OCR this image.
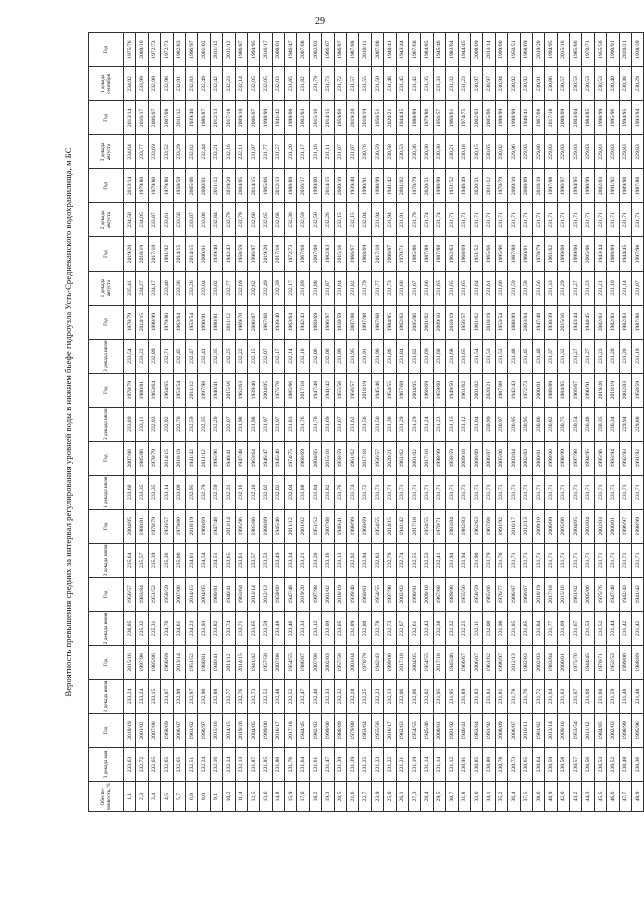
29
Вероятность превышения средних за интервал регулирования уровней воды в нижнем бьефе гидроузла Усть-Среднеканского водохранилища, м БС
Обеспе-ченность, %	3 декада мая	Год	1 декада июня	Год	2 декада июня	Год	3 декада июня	Год	1 декада июля	Год	2 декада июля	Год	3 декада июля	Год	1 декада августа	Год	2 декада августа	Год	3 декада августа	Год	1 декада сентября	Год
1,1	233,63	2018/19	233,24	2015/16	236,85	1956/57	235,64	2004/05	233,60	2007/08	233,89	1978/79	233,54	1978/79	235,41	2019/20	234,50	2013/14	234,64	2013/14	234,92	1975/76
2,3	232,72	2001/02	233,24	1997/98	235,32	1983/84	235,57	1980/81	233,35	1985/86	233,11	1980/81	233,22	2014/15	234,27	2018/19	234,05	1979/80	233,77	2016/17	233,99	2009/10
3,4	232,65	2007/08	233,15	1985/86	235,31	1951/52	235,39	1978/79	233,35	1978/79	232,93	1963/64	232,89	1998/99	234,17	2017/18	233,87	1979/80	233,69	2006/07	232,99	1972/73
4,5	232,65	1968/69	233,07	1968/69	234,70	1958/59	235,36	1956/57	233,14	2014/15	232,92	1964/65	232,71	1979/80	233,40	1991/92	233,61	1979/80	233,52	2007/08	232,98	1972/73
5,7	232,65	2006/07	232,99	2013/14	234,61	2007/08	235,00	1979/80	233,09	2018/19	232,70	1953/54	232,45	1963/64	233,36	2014/15	233,50	1958/59	233,29	2011/12	232,91	1982/83
6,8	232,51	1961/62	232,97	1951/52	234,23	2014/15	234,61	2018/19	232,95	1941/42	232,59	2011/12	232,47	1953/54	233,26	2014/15	233,07	2005/06	232,62	1939/40	232,83	1996/97
8,0	232,24	1996/97	232,90	1980/81	233,93	2004/05	234,54	1968/69	232,79	2011/12	232,35	1997/98	232,41	1990/91	233,04	2000/01	233,00	2000/01	232,44	1986/87	232,49	2001/02
9,1	232,16	2015/16	232,88	1940/41	233,82	1980/81	234,51	1947/48	232,59	1995/96	232,20	1940/41	232,35	1980/81	233,02	1939/40	232,84	2011/12	232,21	2012/13	232,42	2011/12
10,2	232,14	2014/15	232,77	2011/12	233,74	1940/41	233,65	2013/14	232,31	1940/41	232,07	2015/16	232,25	2011/12	232,77	1942/43	232,79	2019/20	232,16	2017/18	232,23	2011/12
11,4	232,13	2019/20	232,76	2014/15	233,71	1963/64	233,61	1995/96	232,16	1947/48	231,98	1962/63	232,22	1969/70	232,69	1958/59	232,79	2004/05	232,11	2009/10	232,14	1986/87
12,5	231,87	2004/05	232,73	1941/42	233,65	2013/14	233,57	1985/86	232,10	1963/64	231,98	1939/40	232,15	2006/07	232,62	1996/97	232,60	2014/15	231,97	2006/07	232,05	1994/95
13,6	231,85	1999/00	232,52	1957/58	233,59	2012/13	233,53	1988/89	232,02	1946/47	231,97	2004/05	232,07	1967/68	232,49	2019/20	232,65	1965/66	231,77	1998/99	232,05	2016/17
14,8	231,80	2016/17	232,48	2007/08	233,48	1959/60	233,49	1945/46	232,02	1945/46	231,97	1975/76	232,17	1939/40	232,39	2017/18	232,68	2012/13	231,27	1941/42	232,03	2000/01
15,9	231,76	2017/18	232,52	1954/55	233,46	1947/48	233,34	2011/12	232,04	1974/75	231,83	1985/86	232,14	1963/64	232,17	1972/73	232,30	1988/89	231,20	1999/00	231,85	1946/47
17,0	231,64	1944/45	232,47	1986/87	233,33	2019/20	233,21	2001/02	231,88	1968/69	231,76	2017/18	232,10	1942/43	231,89	1967/68	232,59	2016/17	231,17	2002/03	231,82	2007/08
18,2	231,61	1982/83	232,40	2007/08	233,12	1997/98	233,20	1951/52	231,84	2004/05	231,70	1947/48	232,06	1968/69	231,88	2007/08	232,50	1999/00	231,16	2015/16	231,79	2002/03
19,3	231,47	1999/00	232,33	2002/03	233,09	2001/02	233,16	2007/08	231,82	2015/16	231,69	1941/42	232,06	1996/97	231,87	1982/83	232,26	2014/15	231,11	2014/15	231,73	1966/67
20,5	231,39	1988/89	232,32	1957/58	233,05	2018/19	233,13	1940/41	231,76	1958/59	231,67	1955/56	231,99	1958/59	231,84	2015/16	232,15	2009/10	231,07	1959/60	231,72	1986/87
21,6	231,39	1979/80	232,28	2003/04	232,89	1939/40	232,92	1998/99	231,74	1961/62	231,62	1956/57	231,95	2007/08	231,82	1966/67	232,15	1939/40	231,07	2019/20	231,57	1987/88
22,7	231,25	1963/64	232,25	1978/79	232,80	1960/61	232,94	1968/69	231,72	2017/18	231,56	2018/19	231,91	1997/98	231,79	1968/69	232,04	1990/91	230,76	2018/19	231,55	2010/11
23,9	231,23	1955/56	232,23	1942/43	232,78	1954/55	232,83	1954/55	231,71	1956/57	231,50	1945/46	231,90	1967/68	231,77	2017/18	231,94	1998/99	230,59	1950/51	231,50	2007/08
25,0	231,22	2016/17	232,13	1999/00	232,73	1997/98	232,79	2014/15	231,71	2020/21	231,38	1954/55	231,86	1984/85	231,73	2006/07	231,94	1941/42	230,58	2020/21	231,48	1940/41
26,1	231,21	1962/63	232,06	2017/18	232,67	2002/03	232,74	1941/42	231,71	1961/62	231,29	1967/68	231,84	1962/63	231,68	1970/71	231,91	2001/02	230,53	1944/45	231,45	1943/44
27,3	231,19	1954/55	232,06	2004/05	232,61	1990/91	232,55	2017/18	231,71	2001/02	231,29	2004/05	231,82	2005/06	231,67	1985/86	231,79	1978/79	230,36	1988/89	231,42	1967/68
28,4	231,14	1945/46	232,02	1954/55	232,43	2009/10	232,53	1954/55	231,71	2017/18	231,24	1968/69	231,69	2001/02	231,66	1987/88	231,74	2020/21	230,30	1979/80	231,35	1984/85
29,5	231,14	2000/01	231,95	2017/18	232,38	1967/68	232,41	1970/71	231,71	1998/99	231,23	1959/60	231,68	2009/10	231,65	1987/88	231,74	1998/99	230,30	1956/57	231,33	1945/46
30,7	231,12	1991/92	231,95	1945/46	232,32	1989/90	231,94	1983/84	231,71	1958/59	231,15	1949/50	231,68	2018/19	231,65	1962/63	231,71	1951/52	230,21	1960/61	231,32	1983/84
31,8	230,91	1940/41	231,89	1966/67	232,25	1955/56	231,94	1982/83	231,71	2009/10	231,12	1961/62	231,65	1956/57	231,65	1968/69	231,71	1948/49	230,18	1974/75	231,23	1944/45
33,0	230,85	1983/84	231,83	2006/07	232,11	1958/59	231,90	1962/63	231,71	2008/09	231,04	2001/02	231,54	1961/62	231,64	1951/52	231,71	2020/21	230,15	2002/03	230,97	2008/09
34,1	230,80	1991/92	231,83	1961/62	232,00	1965/66	231,79	1967/68	231,71	2006/07	230,99	2020/21	231,53	2018/19	231,61	1965/66	231,71	2011/12	230,05	2005/06	230,97	2013/14
35,2	230,78	2008/09	231,81	1996/97	231,98	1976/77	231,76	1991/92	231,71	2005/06	230,97	1987/88	231,53	1953/54	231,60	1995/96	231,71	1978/79	230,02	1998/99	230,94	1999/00
36,4	230,73	2006/07	231,78	2012/13	231,85	1986/87	231,71	2016/17	231,71	2003/04	230,95	1942/43	231,48	1988/89	231,59	1987/88	231,71	2009/10	229,96	1998/99	230,92	1950/51
37,5	230,65	2010/11	231,76	1982/83	231,85	1966/67	231,71	2012/13	231,71	2002/03	230,95	1972/73	231,45	2003/04	231,58	1960/61	231,71	2008/09	229,93	1940/41	230,92	1968/69
38,6	230,64	1981/82	231,72	2002/03	231,84	2018/19	231,71	2009/10	231,71	2000/01	230,86	2000/01	231,40	1947/48	231,56	1978/79	231,71	2018/19	229,88	1967/68	230,91	2019/20
40,9	230,59	2013/14	231,64	1983/84	231,77	2017/18	231,71	2008/09	231,71	1999/00	230,82	1988/89	231,37	1938/39	231,33	1961/62	231,71	1997/98	229,83	2017/18	230,86	1994/95
42,0	230,58	2009/10	231,63	2000/01	231,69	2015/16	231,71	2005/06	231,71	1998/99	230,75	1984/85	231,32	2015/16	231,29	1999/00	231,71	1996/97	229,83	2008/09	230,57	2015/16
43,2	230,57	1953/54	231,67	1975/76	231,67	1961/62	231,71	2004/05	231,71	1997/98	230,54	1966/67	231,27	1943/44	231,27	1999/00	231,71	1994/95	229,83	2003/04	230,53	1985/86
44,3	230,56	2011/12	231,60	1944/45	231,53	2005/06	231,71	2003/04	231,71	1994/95	230,48	1990/91	231,27	1944/45	231,23	2005/06	231,71	1998/99	229,83	1984/85	230,53	1970/71
45,5	230,53	1984/85	231,60	1970/71	231,52	1975/76	231,71	2002/03	231,71	1995/96	230,35	2019/20	231,23	2002/03	231,21	1943/44	231,71	2002/03	229,83	1998/99	230,53	1955/56
46,6	230,52	2002/03	231,59	1952/53	231,44	1947/48	231,71	2000/01	231,71	1993/94	230,34	2018/19	231,20	1982/83	231,10	1988/89	231,71	1991/92	229,83	1995/96	230,40	1990/91
47,7	230,48	1998/99	231,48	1999/00	231,42	1942/43	231,71	1996/97	231,71	1992/93	229,94	2002/03	231,20	1982/83	231,14	1944/45	231,71	1989/90	229,83	1994/95	230,38	2020/21
48,9	230,36	1995/96	231,48	1988/89	231,42	1941/42	231,71	1998/99	231,71	1991/92	229,88	1958/59	231,19	1987/88	231,07	1997/98	231,71	1987/88	229,83	1993/94	230,29	1938/39
